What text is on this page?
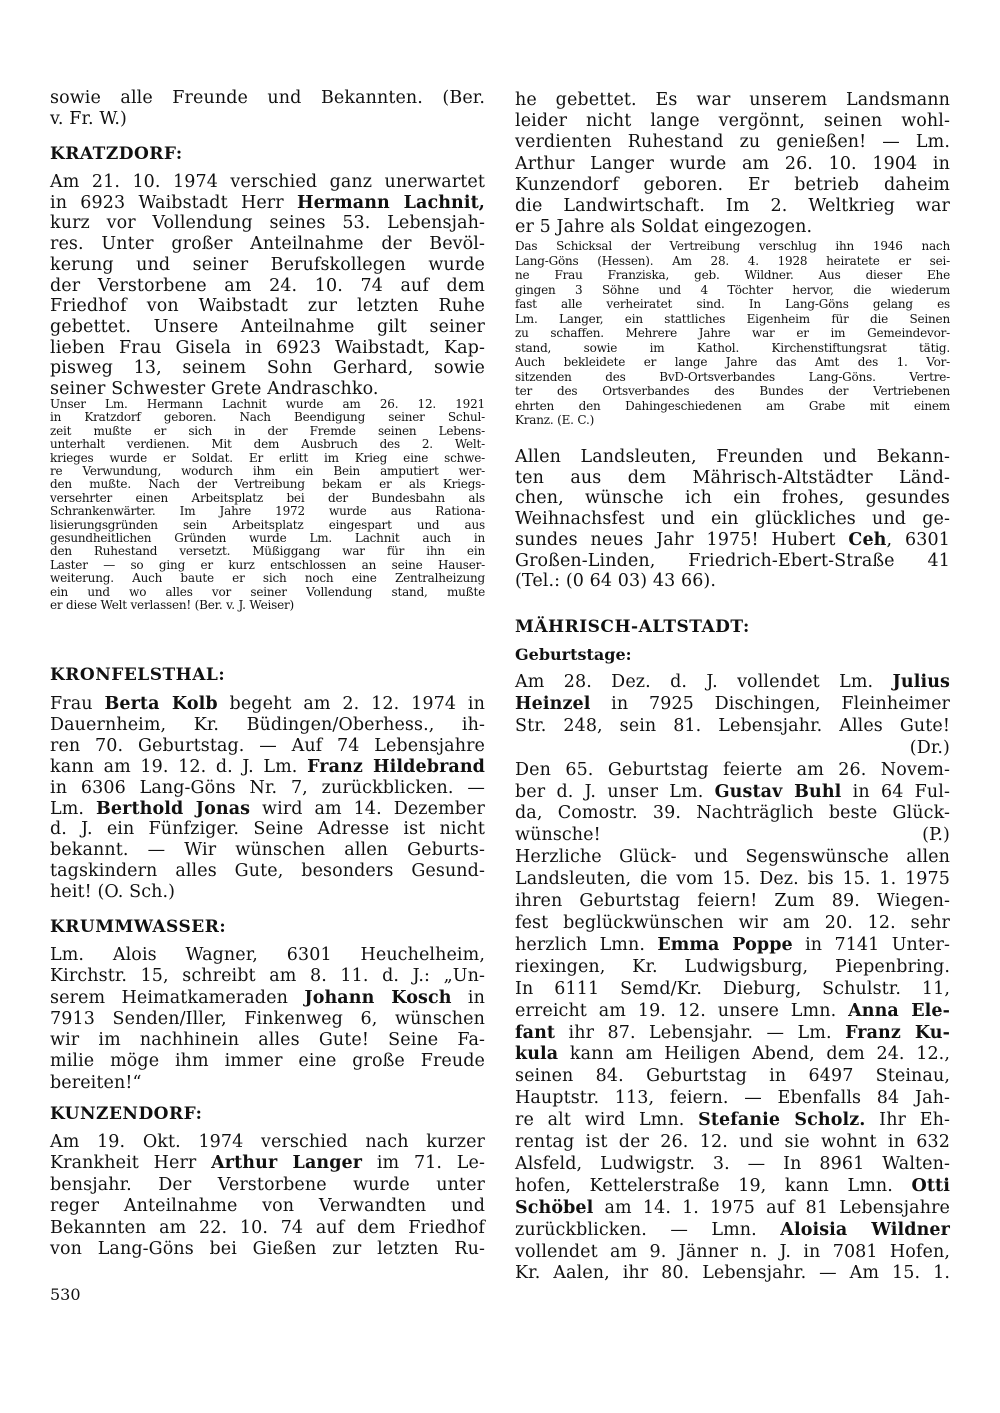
sowie alle Freunde und Bekannten. (Ber.
v. Fr. W.)
KRATZDORF:
Am 21. 10. 1974 verschied ganz unerwartet
in 6923 Waibstadt Herr Hermann Lachnit,
kurz vor Vollendung seines 53. Lebensjah-
res. Unter großer Anteilnahme der Bevöl-
kerung und seiner Berufskollegen wurde
der Verstorbene am 24. 10. 74 auf dem
Friedhof von Waibstadt zur letzten Ruhe
gebettet. Unsere Anteilnahme gilt seiner
lieben Frau Gisela in 6923 Waibstadt, Kap-
pisweg 13, seinem Sohn Gerhard, sowie
seiner Schwester Grete Andraschko.
Unser Lm. Hermann Lachnit wurde am 26. 12. 1921
in Kratzdorf geboren. Nach Beendigung seiner Schul-
zeit mußte er sich in der Fremde seinen Lebens-
unterhalt verdienen. Mit dem Ausbruch des 2. Welt-
krieges wurde er Soldat. Er erlitt im Krieg eine schwe-
re Verwundung, wodurch ihm ein Bein amputiert wer-
den mußte. Nach der Vertreibung bekam er als Kriegs-
versehrter einen Arbeitsplatz bei der Bundesbahn als
Schrankenwärter. Im Jahre 1972 wurde aus Rationa-
lisierungsgründen sein Arbeitsplatz eingespart und aus
gesundheitlichen Gründen wurde Lm. Lachnit auch in
den Ruhestand versetzt. Müßiggang war für ihn ein
Laster — so ging er kurz entschlossen an seine Hauser-
weiterung. Auch baute er sich noch eine Zentralheizung
ein und wo alles vor seiner Vollendung stand, mußte
er diese Welt verlassen! (Ber. v. J. Weiser)
KRONFELSTHAL:
Frau Berta Kolb begeht am 2. 12. 1974 in
Dauernheim, Kr. Büdingen/Oberhess., ih-
ren 70. Geburtstag. — Auf 74 Lebensjahre
kann am 19. 12. d. J. Lm. Franz Hildebrand
in 6306 Lang-Göns Nr. 7, zurückblicken. —
Lm. Berthold Jonas wird am 14. Dezember
d. J. ein Fünfziger. Seine Adresse ist nicht
bekannt. — Wir wünschen allen Geburts-
tagskindern alles Gute, besonders Gesund-
heit! (O. Sch.)
KRUMMWASSER:
Lm. Alois Wagner, 6301 Heuchelheim,
Kirchstr. 15, schreibt am 8. 11. d. J.: „Un-
serem Heimatkameraden Johann Kosch in
7913 Senden/Iller, Finkenweg 6, wünschen
wir im nachhinein alles Gute! Seine Fa-
milie möge ihm immer eine große Freude
bereiten!“
KUNZENDORF:
Am 19. Okt. 1974 verschied nach kurzer
Krankheit Herr Arthur Langer im 71. Le-
bensjahr. Der Verstorbene wurde unter
reger Anteilnahme von Verwandten und
Bekannten am 22. 10. 74 auf dem Friedhof
von Lang-Göns bei Gießen zur letzten Ru-
530
he gebettet. Es war unserem Landsmann
leider nicht lange vergönnt, seinen wohl-
verdienten Ruhestand zu genießen! — Lm.
Arthur Langer wurde am 26. 10. 1904 in
Kunzendorf geboren. Er betrieb daheim
die Landwirtschaft. Im 2. Weltkrieg war
er 5 Jahre als Soldat eingezogen.
Das Schicksal der Vertreibung verschlug ihn 1946 nach
Lang-Göns (Hessen). Am 28. 4. 1928 heiratete er sei-
ne Frau Franziska, geb. Wildner. Aus dieser Ehe
gingen 3 Söhne und 4 Töchter hervor, die wiederum
fast alle verheiratet sind. In Lang-Göns gelang es
Lm. Langer, ein stattliches Eigenheim für die Seinen
zu schaffen. Mehrere Jahre war er im Gemeindevor-
stand, sowie im Kathol. Kirchenstiftungsrat tätig.
Auch bekleidete er lange Jahre das Amt des 1. Vor-
sitzenden des BvD-Ortsverbandes Lang-Göns. Vertre-
ter des Ortsverbandes des Bundes der Vertriebenen
ehrten den Dahingeschiedenen am Grabe mit einem
Kranz. (E. C.)
Allen Landsleuten, Freunden und Bekann-
ten aus dem Mährisch-Altstädter Länd-
chen, wünsche ich ein frohes, gesundes
Weihnachsfest und ein glückliches und ge-
sundes neues Jahr 1975! Hubert Ceh, 6301
Großen-Linden, Friedrich-Ebert-Straße 41
(Tel.: (0 64 03) 43 66).
MÄHRISCH-ALTSTADT:
Geburtstage:
Am 28. Dez. d. J. vollendet Lm. Julius
Heinzel in 7925 Dischingen, Fleinheimer
Str. 248, sein 81. Lebensjahr. Alles Gute!
(Dr.)
Den 65. Geburtstag feierte am 26. Novem-
ber d. J. unser Lm. Gustav Buhl in 64 Ful-
da, Comostr. 39. Nachträglich beste Glück-
wünsche! (P.)
Herzliche Glück- und Segenswünsche allen
Landsleuten, die vom 15. Dez. bis 15. 1. 1975
ihren Geburtstag feiern! Zum 89. Wiegen-
fest beglückwünschen wir am 20. 12. sehr
herzlich Lmn. Emma Poppe in 7141 Unter-
riexingen, Kr. Ludwigsburg, Piepenbring.
In 6111 Semd/Kr. Dieburg, Schulstr. 11,
erreicht am 19. 12. unsere Lmn. Anna Ele-
fant ihr 87. Lebensjahr. — Lm. Franz Ku-
kula kann am Heiligen Abend, dem 24. 12.,
seinen 84. Geburtstag in 6497 Steinau,
Hauptstr. 113, feiern. — Ebenfalls 84 Jah-
re alt wird Lmn. Stefanie Scholz. Ihr Eh-
rentag ist der 26. 12. und sie wohnt in 632
Alsfeld, Ludwigstr. 3. — In 8961 Walten-
hofen, Kettelerstraße 19, kann Lmn. Otti
Schöbel am 14. 1. 1975 auf 81 Lebensjahre
zurückblicken. — Lmn. Aloisia Wildner
vollendet am 9. Jänner n. J. in 7081 Hofen,
Kr. Aalen, ihr 80. Lebensjahr. — Am 15. 1.
